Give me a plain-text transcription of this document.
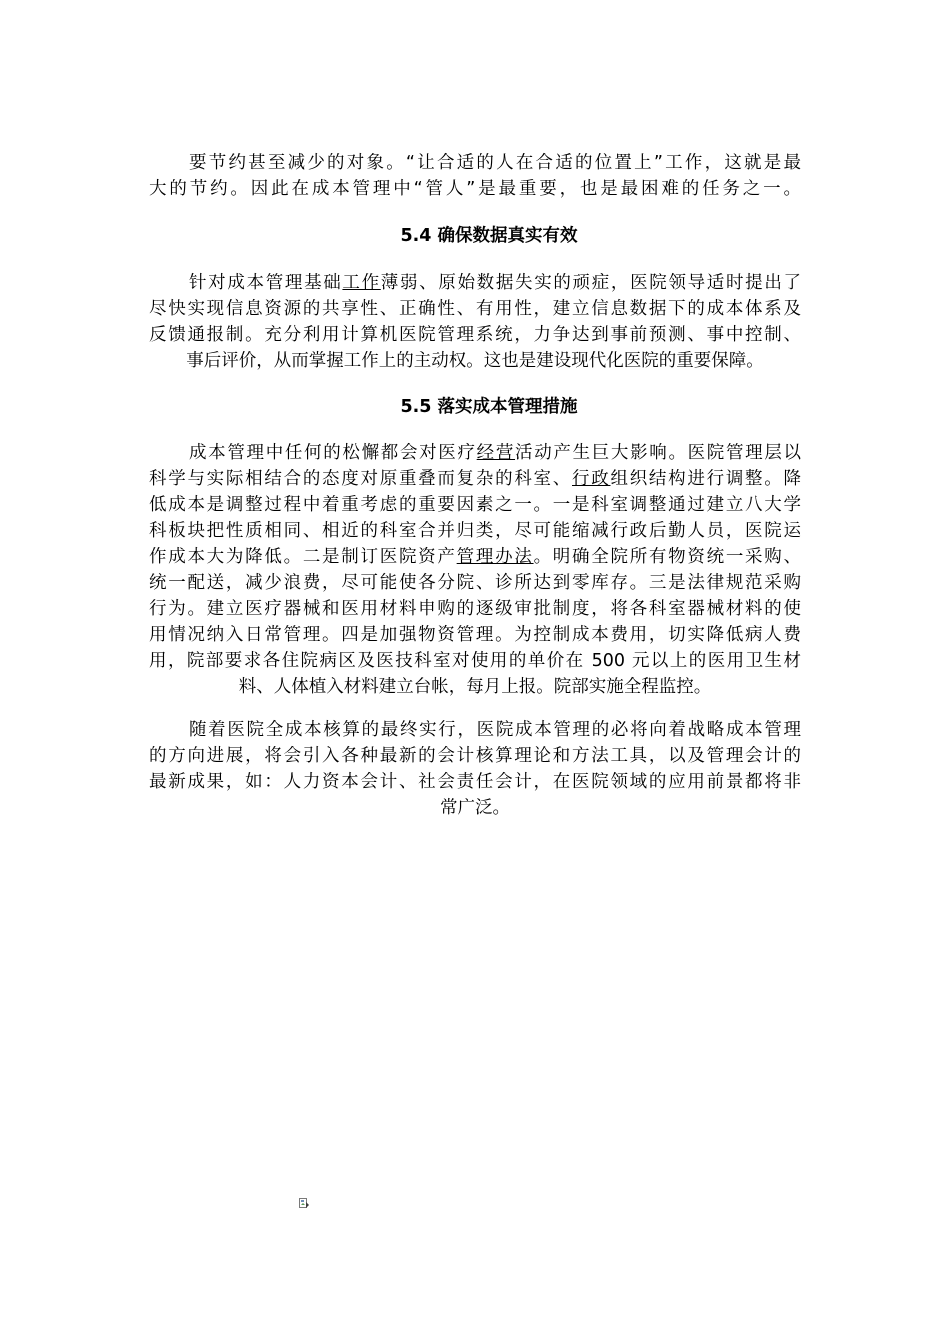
要节约甚至减少的对象。“让合适的人在合适的位置上”工作，这就是最
大的节约。因此在成本管理中“管人”是最重要，也是最困难的任务之一。
5.4 确保数据真实有效
针对成本管理基础工作薄弱、原始数据失实的顽症，医院领导适时提出了
尽快实现信息资源的共享性、正确性、有用性，建立信息数据下的成本体系及
反馈通报制。充分利用计算机医院管理系统，力争达到事前预测、事中控制、
事后评价，从而掌握工作上的主动权。这也是建设现代化医院的重要保障。
5.5 落实成本管理措施
成本管理中任何的松懈都会对医疗经营活动产生巨大影响。医院管理层以
科学与实际相结合的态度对原重叠而复杂的科室、行政组织结构进行调整。降
低成本是调整过程中着重考虑的重要因素之一。一是科室调整通过建立八大学
科板块把性质相同、相近的科室合并归类，尽可能缩减行政后勤人员，医院运
作成本大为降低。二是制订医院资产管理办法。明确全院所有物资统一采购、
统一配送，减少浪费，尽可能使各分院、诊所达到零库存。三是法律规范采购
行为。建立医疗器械和医用材料申购的逐级审批制度，将各科室器械材料的使
用情况纳入日常管理。四是加强物资管理。为控制成本费用，切实降低病人费
用，院部要求各住院病区及医技科室对使用的单价在 500 元以上的医用卫生材
料、人体植入材料建立台帐，每月上报。院部实施全程监控。
随着医院全成本核算的最终实行，医院成本管理的必将向着战略成本管理
的方向进展，将会引入各种最新的会计核算理论和方法工具，以及管理会计的
最新成果，如：人力资本会计、社会责任会计，在医院领域的应用前景都将非
常广泛。
